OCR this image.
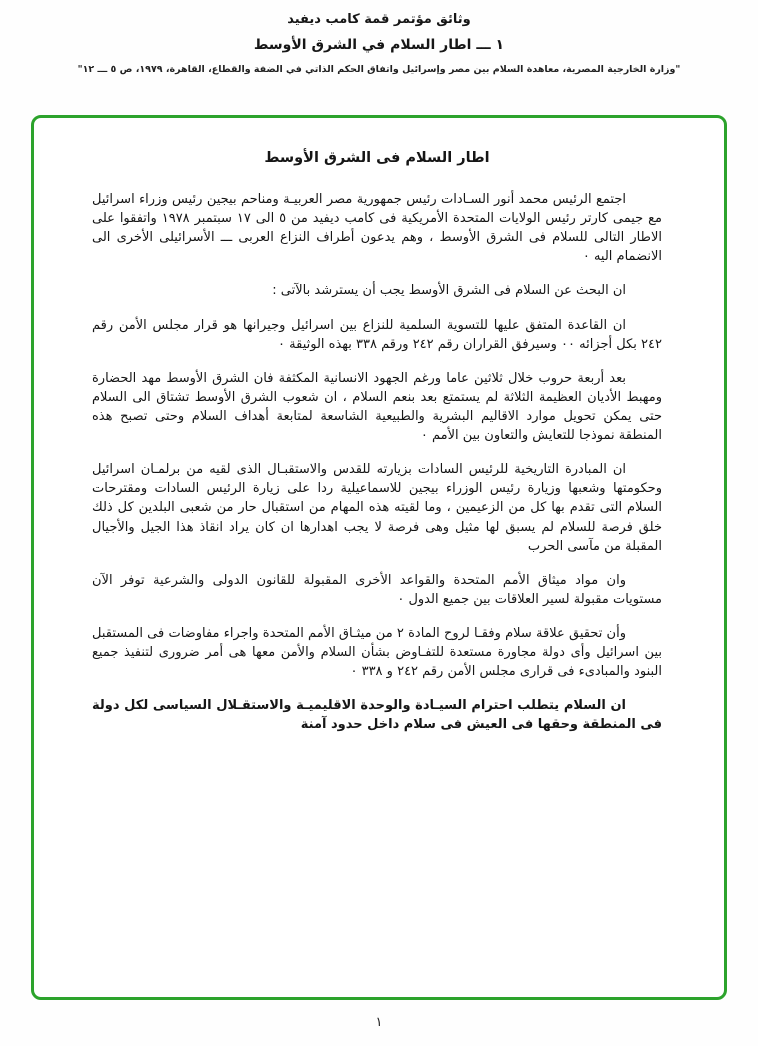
وثائق مؤتمر قمة كامب ديفيد
١ ـــ اطار السلام في الشرق الأوسط
"وزارة الخارجية المصرية، معاهدة السلام بين مصر وإسرائيل واتفاق الحكم الذاتي في الضفة والقطاع، القاهرة، ١٩٧٩، ص ٥ ـــ ١٢"
اطار السلام فى الشرق الأوسط

اجتمع الرئيس محمد أنور السـادات رئيس جمهورية مصر العربيـة ومناحم بيجين رئيس وزراء اسرائيل مع جيمى كارتر رئيس الولايات المتحدة الأمريكية فى كامب ديفيد من ٥ الى ١٧ سبتمبر ١٩٧٨ واتفقوا على الاطار التالى للسلام فى الشرق الأوسط ، وهم يدعون أطراف النزاع العربى ـــ الأسرائيلى الأخرى الى الانضمام اليه ٠

ان البحث عن السلام فى الشرق الأوسط يجب أن يسترشد بالآتى :

ان القاعدة المتفق عليها للتسوية السلمية للنزاع بين اسرائيل وجيرانها هو قرار مجلس الأمن رقم ٢٤٢ بكل أجزائه ٠٠ وسيرفق القراران رقم ٢٤٢ ورقم ٣٣٨ بهذه الوثيقة ٠

بعد أربعة حروب خلال ثلاثين عاما ورغم الجهود الانسانية المكثفة فان الشرق الأوسط مهد الحضارة ومهبط الأديان العظيمة الثلاثة لم يستمتع بعد بنعم السلام ، ان شعوب الشرق الأوسط تشتاق الى السلام حتى يمكن تحويل موارد الاقاليم البشرية والطبيعية الشاسعة لمتابعة أهداف السلام وحتى تصبح هذه المنطقة نموذجا للتعايش والتعاون بين الأمم ٠

ان المبادرة التاريخية للرئيس السادات بزيارته للقدس والاستقبـال الذى لقيه من برلمـان اسرائيل وحكومتها وشعبها وزيارة رئيس الوزراء بيجين للاسماعيلية ردا على زيارة الرئيس السادات ومقترحات السلام التى تقدم بها كل من الزعيمين ، وما لقيته هذه المهام من استقبال حار من شعبى البلدين كل ذلك خلق فرصة للسلام لم يسبق لها مثيل وهى فرصة لا يجب اهدارها ان كان يراد انقاذ هذا الجيل والأجيال المقبلة من مآسى الحرب

وان مواد ميثاق الأمم المتحدة والقواعد الأخرى المقبولة للقانون الدولى والشرعية توفر الآن مستويات مقبولة لسير العلاقات بين جميع الدول ٠

وأن تحقيق علاقة سلام وفقـا لروح المادة ٢ من ميثـاق الأمم المتحدة واجراء مفاوضات فى المستقبل بين اسرائيل وأى دولة مجاورة مستعدة للتفـاوض بشأن السلام والأمن معها هى أمر ضرورى لتنفيذ جميع البنود والمبادىء فى قرارى مجلس الأمن رقم ٢٤٢ و ٣٣٨ ٠

ان السلام يتطلب احترام السيـادة والوحدة الاقليميـة والاستقـلال السياسى لكل دولة فى المنطقة وحقها فى العيش فى سلام داخل حدود آمنة

١
